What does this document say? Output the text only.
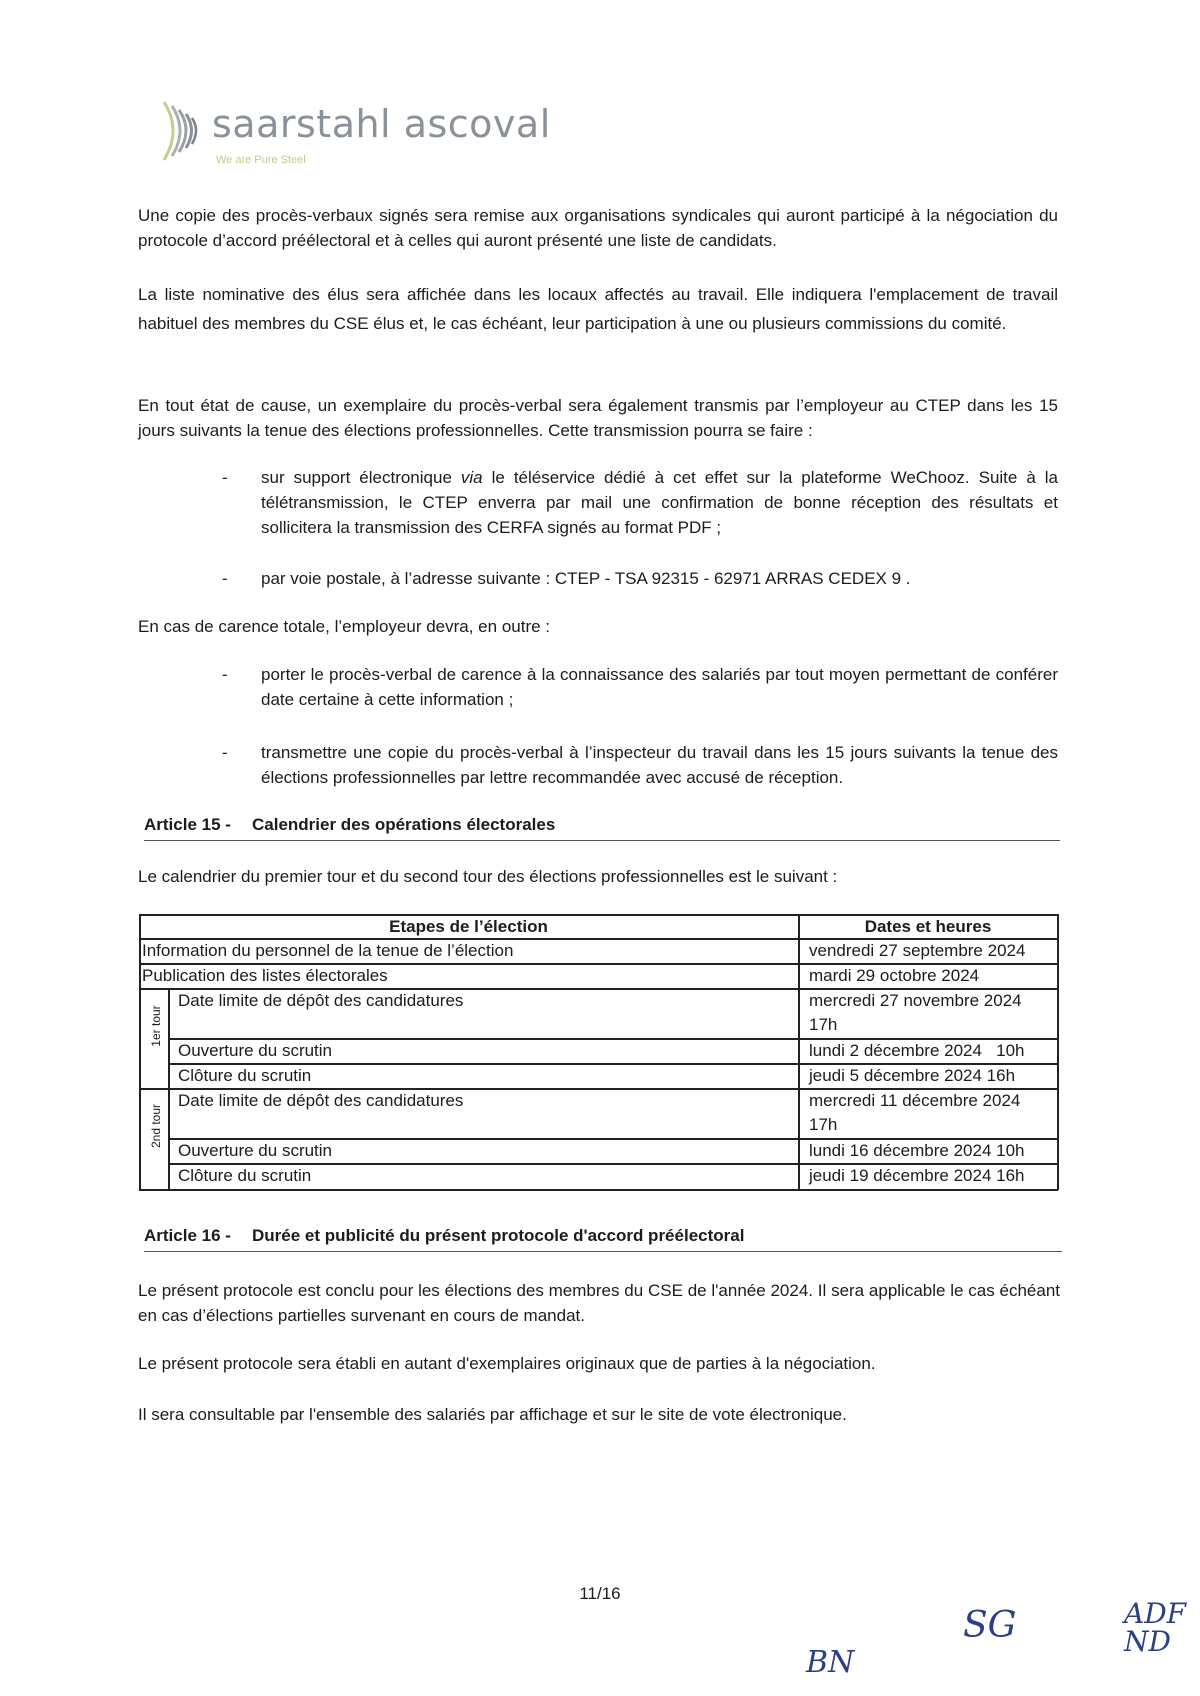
saarstahl ascoval
We are Pure Steel
Une copie des procès-verbaux signés sera remise aux organisations syndicales qui auront participé à la négociation du protocole d’accord préélectoral et à celles qui auront présenté une liste de candidats.
La liste nominative des élus sera affichée dans les locaux affectés au travail. Elle indiquera l'emplacement de travail habituel des membres du CSE élus et, le cas échéant, leur participation à une ou plusieurs commissions du comité.
En tout état de cause, un exemplaire du procès-verbal sera également transmis par l’employeur au CTEP dans les 15 jours suivants la tenue des élections professionnelles. Cette transmission pourra se faire :
- sur support électronique via le téléservice dédié à cet effet sur la plateforme WeChooz. Suite à la télétransmission, le CTEP enverra par mail une confirmation de bonne réception des résultats et sollicitera la transmission des CERFA signés au format PDF ;
- par voie postale, à l’adresse suivante : CTEP - TSA 92315 - 62971 ARRAS CEDEX 9 .
En cas de carence totale, l’employeur devra, en outre :
- porter le procès-verbal de carence à la connaissance des salariés par tout moyen permettant de conférer date certaine à cette information ;
- transmettre une copie du procès-verbal à l’inspecteur du travail dans les 15 jours suivants la tenue des élections professionnelles par lettre recommandée avec accusé de réception.
Article 15 - Calendrier des opérations électorales
Le calendrier du premier tour et du second tour des élections professionnelles est le suivant :
Etapes de l’élection	Dates et heures
Information du personnel de la tenue de l’élection	vendredi 27 septembre 2024
Publication des listes électorales	mardi 29 octobre 2024
1er tour
Date limite de dépôt des candidatures	mercredi 27 novembre 2024
17h
Ouverture du scrutin	lundi 2 décembre 2024   10h
Clôture du scrutin	jeudi 5 décembre 2024 16h
2nd tour
Date limite de dépôt des candidatures	mercredi 11 décembre 2024
17h
Ouverture du scrutin	lundi 16 décembre 2024 10h
Clôture du scrutin	jeudi 19 décembre 2024 16h
Article 16 - Durée et publicité du présent protocole d'accord préélectoral
Le présent protocole est conclu pour les élections des membres du CSE de l'année 2024. Il sera applicable le cas échéant en cas d’élections partielles survenant en cours de mandat.
Le présent protocole sera établi en autant d'exemplaires originaux que de parties à la négociation.
Il sera consultable par l'ensemble des salariés par affichage et sur le site de vote électronique.
11/16
BN
SG	ADF
ND
